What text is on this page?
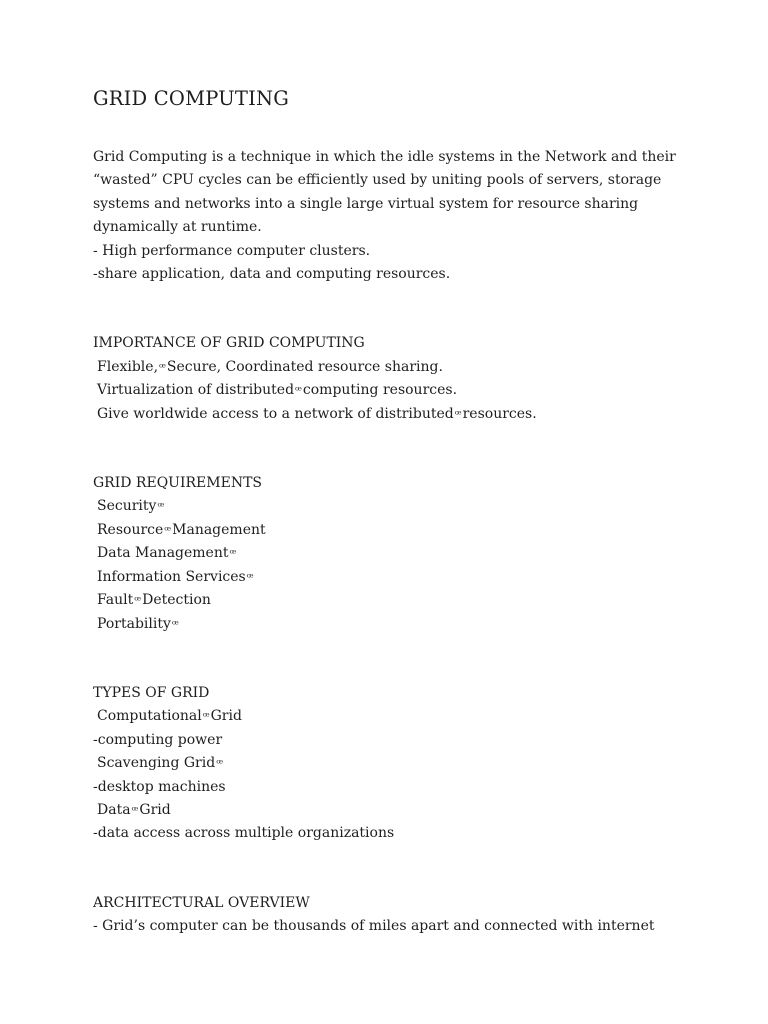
GRID COMPUTING

Grid Computing is a technique in which the idle systems in the Network and their

“wasted” CPU cycles can be efficiently used by uniting pools of servers, storage

systems and networks into a single large virtual system for resource sharing

dynamically at runtime.

- High performance computer clusters.

-share application, data and computing resources.

IMPORTANCE OF GRID COMPUTING

Flexible,ꟹSecure, Coordinated resource sharing.

Virtualization of distributedꟹcomputing resources.

Give worldwide access to a network of distributedꟹresources.

GRID REQUIREMENTS

Securityꟹ

ResourceꟹManagement

Data Managementꟹ

Information Servicesꟹ

FaultꟹDetection

Portabilityꟹ

TYPES OF GRID

ComputationalꟹGrid

-computing power

Scavenging Gridꟹ

-desktop machines

DataꟹGrid

-data access across multiple organizations

ARCHITECTURAL OVERVIEW

- Grid’s computer can be thousands of miles apart and connected with internet
